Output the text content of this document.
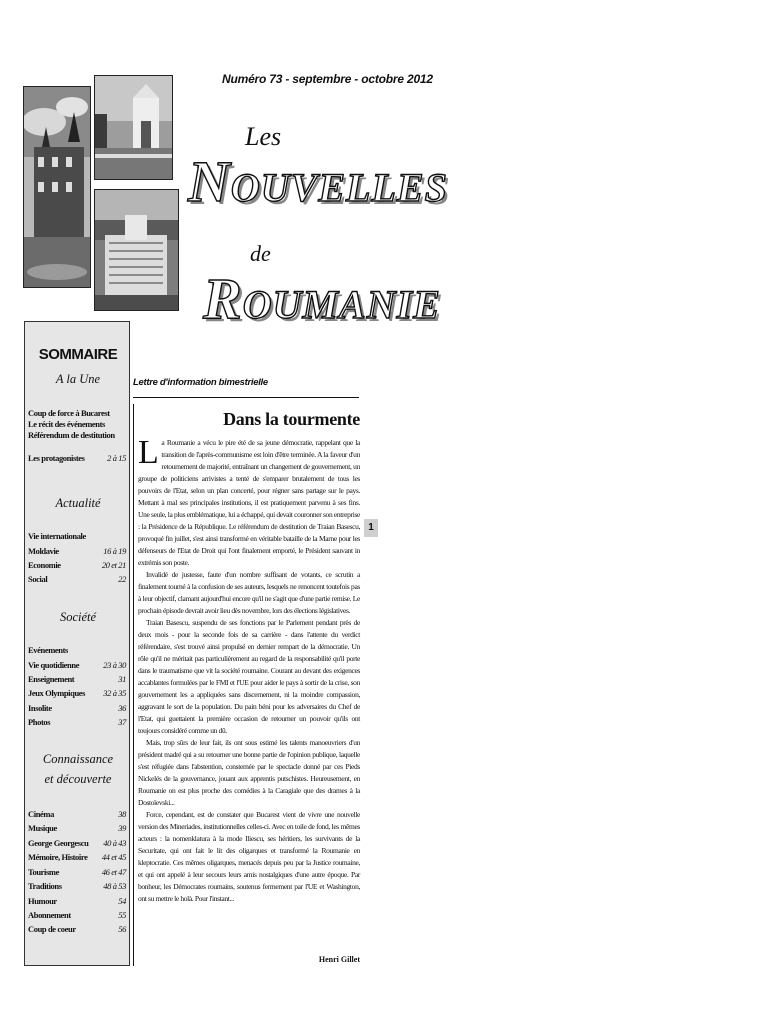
Numéro 73 - septembre - octobre 2012
Les
NOUVELLES
de
ROUMANIE
SOMMAIRE
A la Une
Coup de force à Bucarest
Le récit des événements
Référendum de destitution
Les protagonistes	2 à 15
Actualité
Vie internationale
Moldavie	16 à 19
Economie	20 et 21
Social	22
Société
Evénements
Vie quotidienne	23 à 30
Enseignement	31
Jeux Olympiques 32 à 35
Insolite	36
Photos	37
Connaissance
et découverte
Cinéma	38
Musique	39
George Georgescu 40 à 43
Mémoire, Histoire 44 et 45
Tourisme	46 et 47
Traditions	48 à 53
Humour	54
Abonnement	55
Coup de coeur	56
Lettre d'information bimestrielle
Dans la tourmente

La Roumanie a vécu le pire été de sa jeune démocratie, rappelant que la transition de l'après-communisme est loin d'être terminée. A la faveur d'un retournement de majorité, entraînant un changement de gouvernement, un groupe de politiciens arrivistes a tenté de s'emparer brutalement de tous les pouvoirs de l'Etat, selon un plan concerté, pour régner sans partage sur le pays. Mettant à mal ses principales institutions, il est pratiquement parvenu à ses fins. Une seule, la plus emblématique, lui a échappé, qui devait couronner son entreprise : la Présidence de la République. Le référendum de destitution de Traian Basescu, provoqué fin juillet, s'est ainsi transformé en véritable bataille de la Marne pour les défenseurs de l'Etat de Droit qui l'ont finalement emporté, le Président sauvant in extrémis son poste.

Invalidé de justesse, faute d'un nombre suffisant de votants, ce scrutin a finalement tourné à la confusion de ses auteurs, lesquels ne renoncent toutefois pas à leur objectif, clamant aujourd'hui encore qu'il ne s'agit que d'une partie remise. Le prochain épisode devrait avoir lieu dès novembre, lors des élections législatives.

Traian Basescu, suspendu de ses fonctions par le Parlement pendant près de deux mois - pour la seconde fois de sa carrière - dans l'attente du verdict référendaire, s'est trouvé ainsi propulsé en dernier rempart de la démocratie. Un rôle qu'il ne méritait pas particulièrement au regard de la responsabilité qu'il porte dans le traumatisme que vit la société roumaine. Courant au devant des exigences accablantes formulées par le FMI et l'UE pour aider le pays à sortir de la crise, son gouvernement les a appliquées sans discernement, ni la moindre compassion, aggravant le sort de la population. Du pain béni pour les adversaires du Chef de l'Etat, qui guettaient la première occasion de retourner un pouvoir qu'ils ont toujours considéré comme un dû.

Mais, trop sûrs de leur fait, ils ont sous estimé les talents manoeuvriers d'un président madré qui a su retourner une bonne partie de l'opinion publique, laquelle s'est réfugiée dans l'abstention, consternée par le spectacle donné par ces Pieds Nickelés de la gouvernance, jouant aux apprentis putschistes. Heureusement, en Roumanie on est plus proche des comédies à la Caragiale que des drames à la Dostoïevski...

Force, cependant, est de constater que Bucarest vient de vivre une nouvelle version des Mineriades, institutionnelles celles-ci. Avec en toile de fond, les mêmes acteurs : la nomenklatura à la mode Iliescu, ses héritiers, les survivants de la Securitate, qui ont fait le lit des oligarques et transformé la Roumanie en kleptocratie. Ces mêmes oligarques, menacés depuis peu par la Justice roumaine, et qui ont appelé à leur secours leurs amis nostalgiques d'une autre époque. Par bonheur, les Démocrates roumains, soutenus fermement par l'UE et Washington, ont su mettre le holà. Pour l'instant...

Henri Gillet
1
